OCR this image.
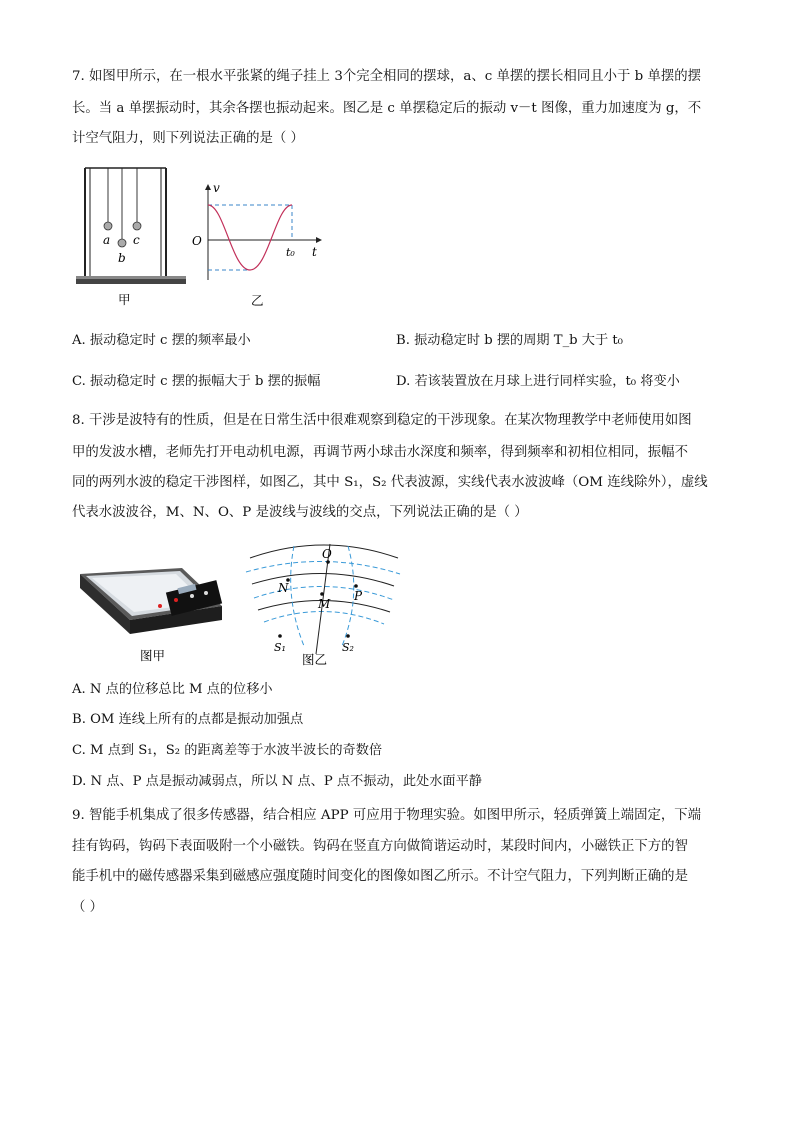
7. 如图甲所示，在一根水平张紧的绳子挂上 3个完全相同的摆球，a、c 单摆的摆长相同且小于 b 单摆的摆
长。当 a 单摆振动时，其余各摆也振动起来。图乙是 c 单摆稳定后的振动 v－t 图像，重力加速度为 g，不
计空气阻力，则下列说法正确的是（ ）
a c
b
甲
v
t
O
t₀
乙
A. 振动稳定时 c 摆的频率最小	B. 振动稳定时 b 摆的周期 T_b 大于 t₀
C. 振动稳定时 c 摆的振幅大于 b 摆的振幅	D. 若该装置放在月球上进行同样实验，t₀ 将变小
8. 干涉是波特有的性质，但是在日常生活中很难观察到稳定的干涉现象。在某次物理教学中老师使用如图
甲的发波水槽，老师先打开电动机电源，再调节两小球击水深度和频率，得到频率和初相位相同，振幅不
同的两列水波的稳定干涉图样，如图乙，其中 S₁，S₂ 代表波源，实线代表水波波峰（OM 连线除外），虚线
代表水波波谷，M、N、O、P 是波线与波线的交点，下列说法正确的是（ ）
图甲
O
N
M
P
S₁	S₂
图乙
A. N 点的位移总比 M 点的位移小
B. OM 连线上所有的点都是振动加强点
C. M 点到 S₁，S₂ 的距离差等于水波半波长的奇数倍
D. N 点、P 点是振动减弱点，所以 N 点、P 点不振动，此处水面平静
9. 智能手机集成了很多传感器，结合相应 APP 可应用于物理实验。如图甲所示，轻质弹簧上端固定，下端
挂有钩码，钩码下表面吸附一个小磁铁。钩码在竖直方向做简谐运动时，某段时间内，小磁铁正下方的智
能手机中的磁传感器采集到磁感应强度随时间变化的图像如图乙所示。不计空气阻力，下列判断正确的是
（ ）
